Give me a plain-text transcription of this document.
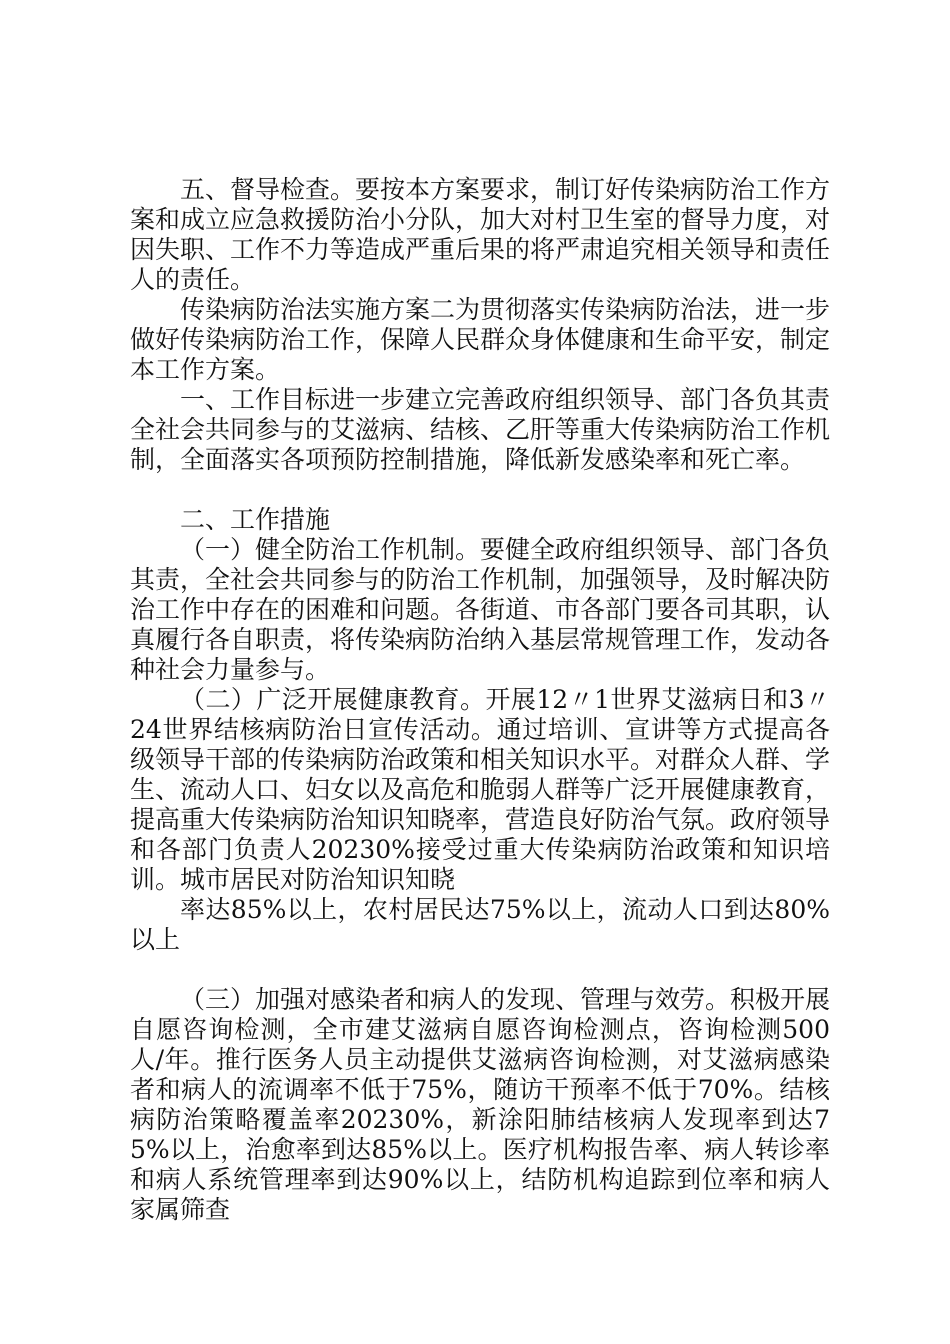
五、督导检查。要按本方案要求，制订好传染病防治工作方案和成立应急救援防治小分队，加大对村卫生室的督导力度，对因失职、工作不力等造成严重后果的将严肃追究相关领导和责任人的责任。

传染病防治法实施方案二为贯彻落实传染病防治法，进一步做好传染病防治工作，保障人民群众身体健康和生命平安，制定本工作方案。

一、工作目标进一步建立完善政府组织领导、部门各负其责全社会共同参与的艾滋病、结核、乙肝等重大传染病防治工作机制，全面落实各项预防控制措施，降低新发感染率和死亡率。

二、工作措施

（一）健全防治工作机制。要健全政府组织领导、部门各负其责，全社会共同参与的防治工作机制，加强领导，及时解决防治工作中存在的困难和问题。各街道、市各部门要各司其职，认真履行各自职责，将传染病防治纳入基层常规管理工作，发动各种社会力量参与。

（二）广泛开展健康教育。开展12〃1世界艾滋病日和3〃24世界结核病防治日宣传活动。通过培训、宣讲等方式提高各级领导干部的传染病防治政策和相关知识水平。对群众人群、学生、流动人口、妇女以及高危和脆弱人群等广泛开展健康教育，提高重大传染病防治知识知晓率，营造良好防治气氛。政府领导和各部门负责人20230%接受过重大传染病防治政策和知识培训。城市居民对防治知识知晓

率达85%以上，农村居民达75%以上，流动人口到达80%以上

（三）加强对感染者和病人的发现、管理与效劳。积极开展自愿咨询检测，全市建艾滋病自愿咨询检测点，咨询检测500人/年。推行医务人员主动提供艾滋病咨询检测，对艾滋病感染者和病人的流调率不低于75%，随访干预率不低于70%。结核病防治策略覆盖率20230%，新涂阳肺结核病人发现率到达75%以上，治愈率到达85%以上。医疗机构报告率、病人转诊率和病人系统管理率到达90%以上，结防机构追踪到位率和病人家属筛查
